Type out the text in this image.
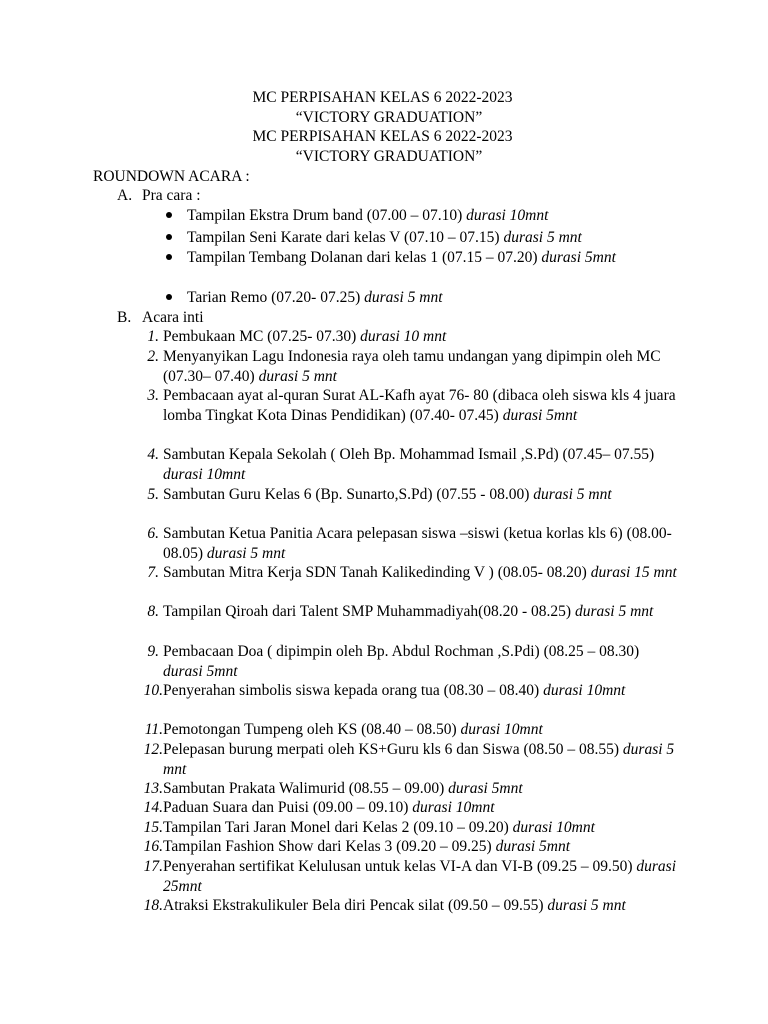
MC PERPISAHAN KELAS 6 2022-2023
“VICTORY GRADUATION”
MC PERPISAHAN KELAS 6 2022-2023
“VICTORY GRADUATION”
ROUNDOWN ACARA :
A. Pra cara :
Tampilan Ekstra Drum band (07.00 – 07.10) durasi 10mnt
Tampilan Seni Karate dari kelas V (07.10 – 07.15) durasi 5 mnt
Tampilan Tembang Dolanan dari kelas 1 (07.15 – 07.20) durasi 5mnt
Tarian Remo (07.20- 07.25) durasi 5 mnt
B. Acara inti
1. Pembukaan MC (07.25- 07.30) durasi 10 mnt
2. Menyanyikan Lagu Indonesia raya oleh tamu undangan yang dipimpin oleh MC (07.30– 07.40) durasi 5 mnt
3. Pembacaan ayat al-quran Surat AL-Kafh ayat 76- 80 (dibaca oleh siswa kls 4 juara lomba Tingkat Kota Dinas Pendidikan) (07.40- 07.45) durasi 5mnt
4. Sambutan Kepala Sekolah ( Oleh Bp. Mohammad Ismail ,S.Pd) (07.45– 07.55) durasi 10mnt
5. Sambutan Guru Kelas 6 (Bp. Sunarto,S.Pd) (07.55 - 08.00) durasi 5 mnt
6. Sambutan Ketua Panitia Acara pelepasan siswa –siswi (ketua korlas kls 6) (08.00-08.05) durasi 5 mnt
7. Sambutan Mitra Kerja SDN Tanah Kalikedinding V ) (08.05- 08.20) durasi 15 mnt
8. Tampilan Qiroah dari Talent SMP Muhammadiyah(08.20 - 08.25) durasi 5 mnt
9. Pembacaan Doa ( dipimpin oleh Bp. Abdul Rochman ,S.Pdi) (08.25 – 08.30) durasi 5mnt
10. Penyerahan simbolis siswa kepada orang tua (08.30 – 08.40) durasi 10mnt
11. Pemotongan Tumpeng oleh KS (08.40 – 08.50) durasi 10mnt
12. Pelepasan burung merpati oleh KS+Guru kls 6 dan Siswa (08.50 – 08.55) durasi 5 mnt
13. Sambutan Prakata Walimurid (08.55 – 09.00) durasi 5mnt
14. Paduan Suara dan Puisi (09.00 – 09.10) durasi 10mnt
15. Tampilan Tari Jaran Monel dari Kelas 2 (09.10 – 09.20) durasi 10mnt
16. Tampilan Fashion Show dari Kelas 3 (09.20 – 09.25) durasi 5mnt
17. Penyerahan sertifikat Kelulusan untuk kelas VI-A dan VI-B (09.25 – 09.50) durasi 25mnt
18. Atraksi Ekstrakulikuler Bela diri Pencak silat (09.50 – 09.55) durasi 5 mnt
